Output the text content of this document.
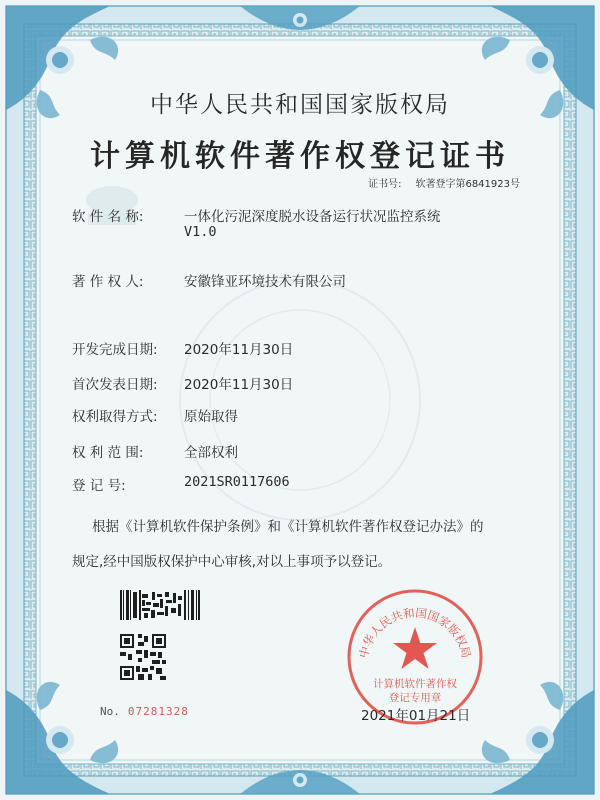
中华人民共和国国家版权局
计算机软件著作权登记证书
证书号: 软著登字第6841923号
软 件 名 称:	一体化污泥深度脱水设备运行状况监控系统
V1.0
著 作 权 人:	安徽锋亚环境技术有限公司
开发完成日期: 2020年11月30日
首次发表日期: 2020年11月30日
权利取得方式: 原始取得
权 利 范 围:	全部权利
登 记 号:	2021SR0117606
根据《计算机软件保护条例》和《计算机软件著作权登记办法》的
规定,经中国版权保护中心审核,对以上事项予以登记。
No. 07281328
中华人民共和国国家版权局
计算机软件著作权
登记专用章
2021年01月21日
